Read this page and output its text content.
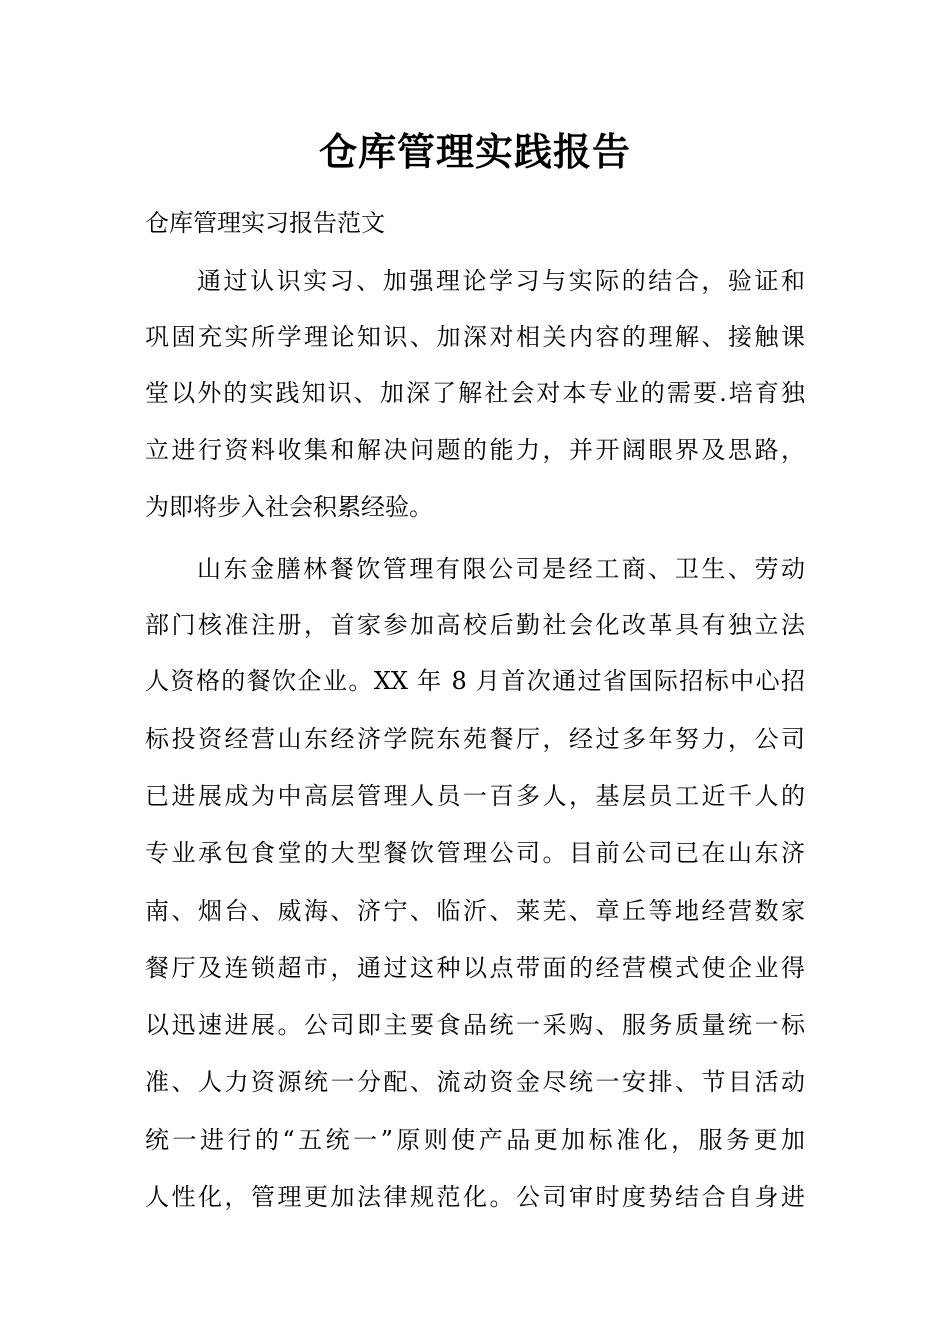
仓库管理实践报告
仓库管理实习报告范文
通过认识实习、加强理论学习与实际的结合，验证和
巩固充实所学理论知识、加深对相关内容的理解、接触课
堂以外的实践知识、加深了解社会对本专业的需要.培育独
立进行资料收集和解决问题的能力，并开阔眼界及思路，
为即将步入社会积累经验。
山东金膳林餐饮管理有限公司是经工商、卫生、劳动
部门核准注册，首家参加高校后勤社会化改革具有独立法
人资格的餐饮企业。XX 年 8 月首次通过省国际招标中心招
标投资经营山东经济学院东苑餐厅，经过多年努力，公司
已进展成为中高层管理人员一百多人，基层员工近千人的
专业承包食堂的大型餐饮管理公司。目前公司已在山东济
南、烟台、威海、济宁、临沂、莱芜、章丘等地经营数家
餐厅及连锁超市，通过这种以点带面的经营模式使企业得
以迅速进展。公司即主要食品统一采购、服务质量统一标
准、人力资源统一分配、流动资金尽统一安排、节目活动
统一进行的“五统一”原则使产品更加标准化，服务更加
人性化，管理更加法律规范化。公司审时度势结合自身进
